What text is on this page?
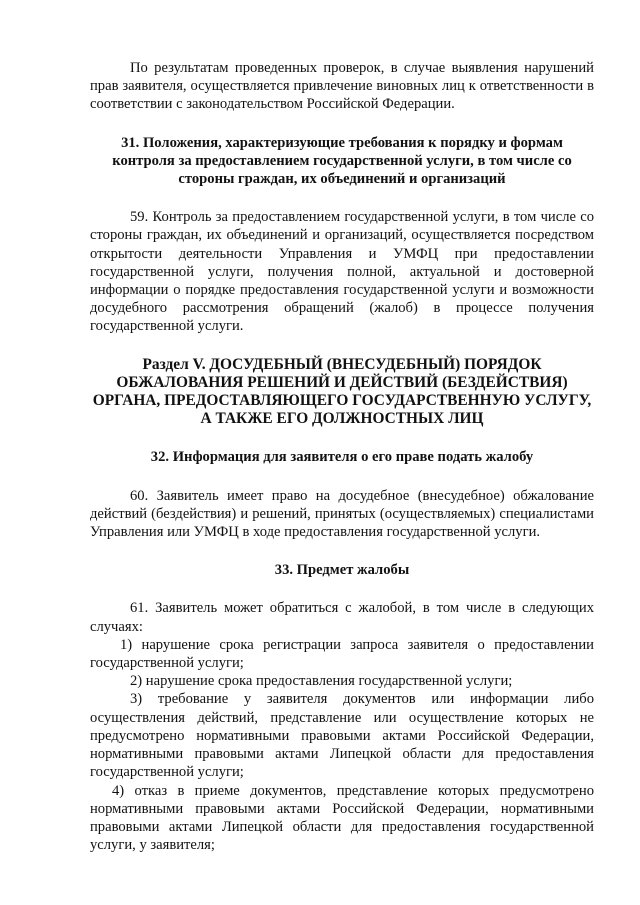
По результатам проведенных проверок, в случае выявления нарушений прав заявителя, осуществляется привлечение виновных лиц к ответственности в соответствии с законодательством Российской Федерации.

31. Положения, характеризующие требования к порядку и формам контроля за предоставлением государственной услуги, в том числе со стороны граждан, их объединений и организаций

59. Контроль за предоставлением государственной услуги, в том числе со стороны граждан, их объединений и организаций, осуществляется посредством открытости деятельности Управления и УМФЦ при предоставлении государственной услуги, получения полной, актуальной и достоверной информации о порядке предоставления государственной услуги и возможности досудебного рассмотрения обращений (жалоб) в процессе получения государственной услуги.

Раздел V. ДОСУДЕБНЫЙ (ВНЕСУДЕБНЫЙ) ПОРЯДОК ОБЖАЛОВАНИЯ РЕШЕНИЙ И ДЕЙСТВИЙ (БЕЗДЕЙСТВИЯ) ОРГАНА, ПРЕДОСТАВЛЯЮЩЕГО ГОСУДАРСТВЕННУЮ УСЛУГУ, А ТАКЖЕ ЕГО ДОЛЖНОСТНЫХ ЛИЦ

32. Информация для заявителя о его праве подать жалобу

60. Заявитель имеет право на досудебное (внесудебное) обжалование действий (бездействия) и решений, принятых (осуществляемых) специалистами Управления или УМФЦ в ходе предоставления государственной услуги.

33. Предмет жалобы

61. Заявитель может обратиться с жалобой, в том числе в следующих случаях:

1) нарушение срока регистрации запроса заявителя о предоставлении государственной услуги;

2) нарушение срока предоставления государственной услуги;

3) требование у заявителя документов или информации либо осуществления действий, представление или осуществление которых не предусмотрено нормативными правовыми актами Российской Федерации, нормативными правовыми актами Липецкой области для предоставления государственной услуги;

4) отказ в приеме документов, представление которых предусмотрено нормативными правовыми актами Российской Федерации, нормативными правовыми актами Липецкой области для предоставления государственной услуги, у заявителя;
